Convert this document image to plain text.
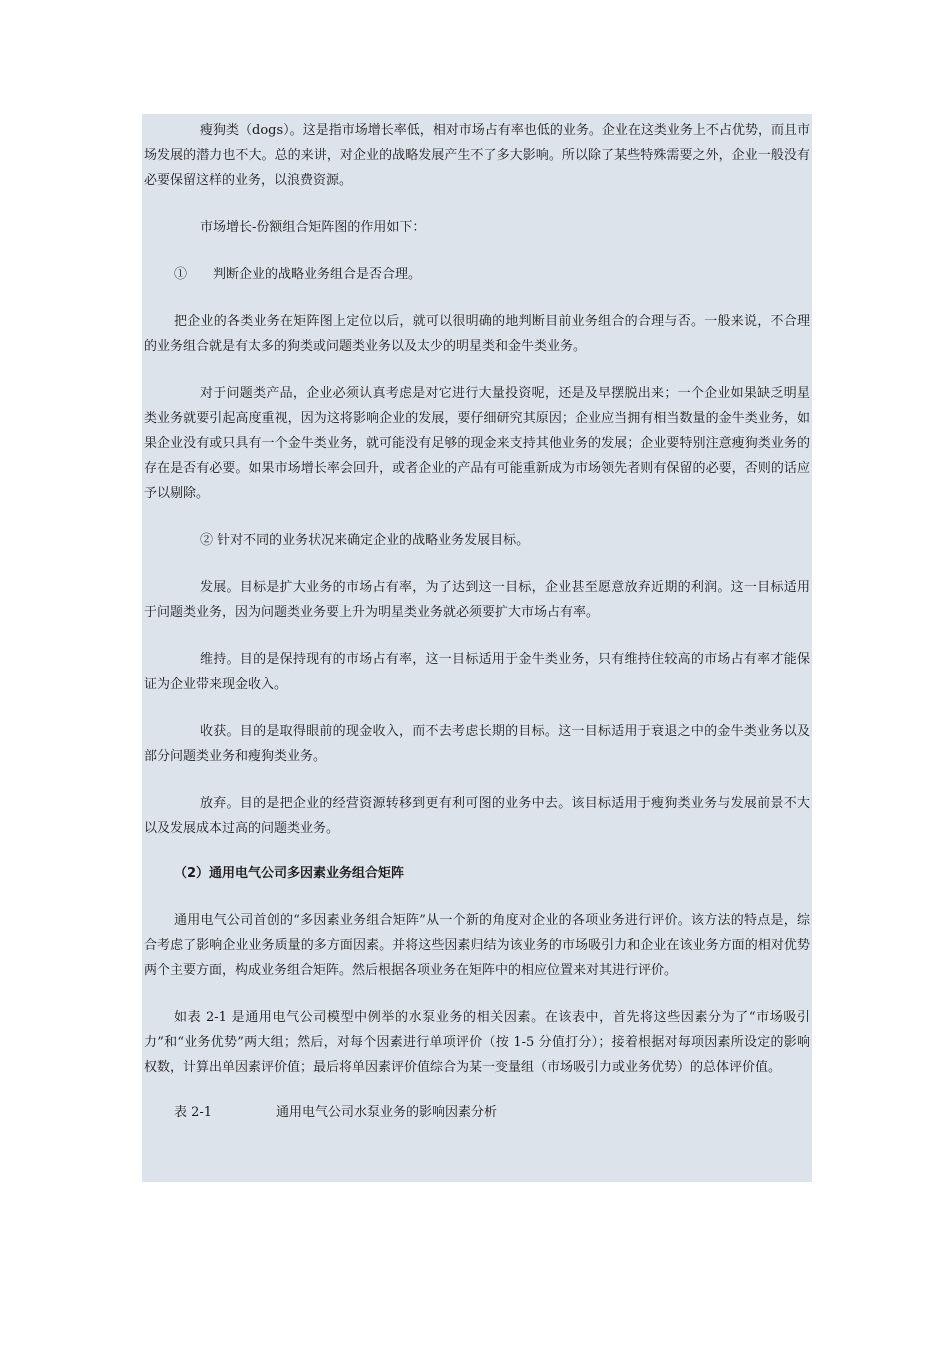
瘦狗类（dogs）。这是指市场增长率低，相对市场占有率也低的业务。企业在这类业务上不占优势，而且市场发展的潜力也不大。总的来讲，对企业的战略发展产生不了多大影响。所以除了某些特殊需要之外，企业一般没有必要保留这样的业务，以浪费资源。

市场增长-份额组合矩阵图的作用如下：

①　　判断企业的战略业务组合是否合理。

把企业的各类业务在矩阵图上定位以后，就可以很明确的地判断目前业务组合的合理与否。一般来说，不合理的业务组合就是有太多的狗类或问题类业务以及太少的明星类和金牛类业务。

对于问题类产品，企业必须认真考虑是对它进行大量投资呢，还是及早摆脱出来；一个企业如果缺乏明星类业务就要引起高度重视，因为这将影响企业的发展，要仔细研究其原因；企业应当拥有相当数量的金牛类业务，如果企业没有或只具有一个金牛类业务，就可能没有足够的现金来支持其他业务的发展；企业要特别注意瘦狗类业务的存在是否有必要。如果市场增长率会回升，或者企业的产品有可能重新成为市场领先者则有保留的必要，否则的话应予以剔除。

② 针对不同的业务状况来确定企业的战略业务发展目标。

发展。目标是扩大业务的市场占有率，为了达到这一目标，企业甚至愿意放弃近期的利润。这一目标适用于问题类业务，因为问题类业务要上升为明星类业务就必须要扩大市场占有率。

维持。目的是保持现有的市场占有率，这一目标适用于金牛类业务，只有维持住较高的市场占有率才能保证为企业带来现金收入。

收获。目的是取得眼前的现金收入，而不去考虑长期的目标。这一目标适用于衰退之中的金牛类业务以及部分问题类业务和瘦狗类业务。

放弃。目的是把企业的经营资源转移到更有利可图的业务中去。该目标适用于瘦狗类业务与发展前景不大以及发展成本过高的问题类业务。

（2）通用电气公司多因素业务组合矩阵

通用电气公司首创的“多因素业务组合矩阵”从一个新的角度对企业的各项业务进行评价。该方法的特点是，综合考虑了影响企业业务质量的多方面因素。并将这些因素归结为该业务的市场吸引力和企业在该业务方面的相对优势两个主要方面，构成业务组合矩阵。然后根据各项业务在矩阵中的相应位置来对其进行评价。

如表 2-1 是通用电气公司模型中例举的水泵业务的相关因素。在该表中，首先将这些因素分为了“市场吸引力”和“业务优势”两大组；然后，对每个因素进行单项评价（按 1-5 分值打分）；接着根据对每项因素所设定的影响权数，计算出单因素评价值；最后将单因素评价值综合为某一变量组（市场吸引力或业务优势）的总体评价值。

表 2-1	通用电气公司水泵业务的影响因素分析
